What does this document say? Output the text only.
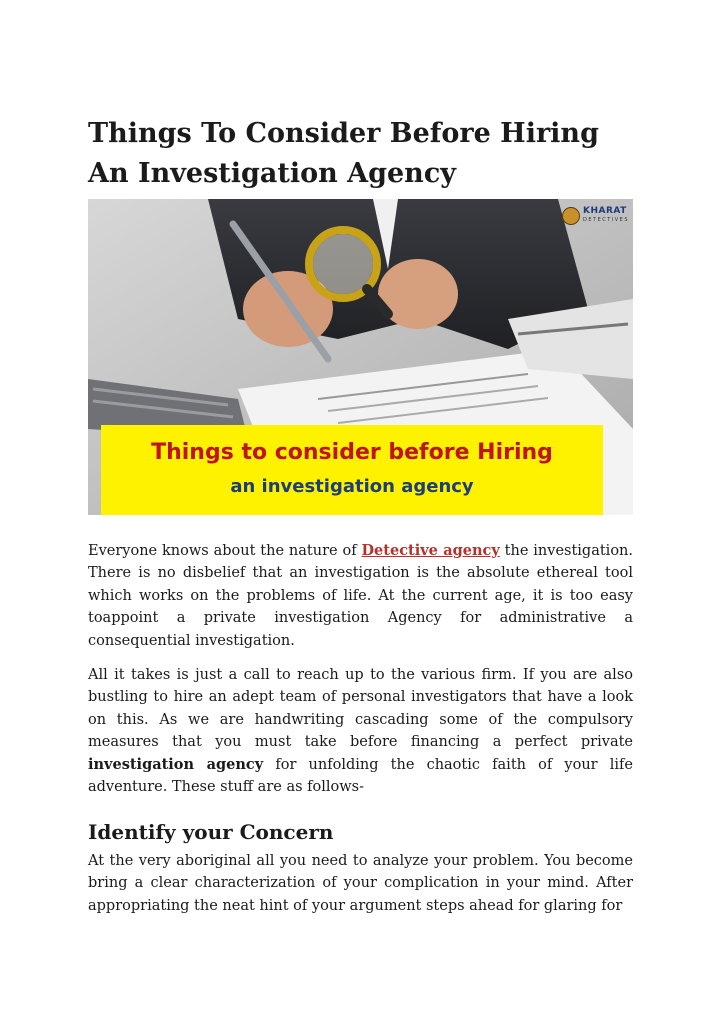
Things To Consider Before Hiring An Investigation Agency
KHARAT
DETECTIVES
Things to consider before Hiring
an investigation agency

Everyone knows about the nature of Detective agency the investigation. There is no disbelief that an investigation is the absolute ethereal tool which works on the problems of life. At the current age, it is too easy toappoint a private investigation Agency for administrative a consequential investigation.

All it takes is just a call to reach up to the various firm. If you are also bustling to hire an adept team of personal investigators that have a look on this. As we are handwriting cascading some of the compulsory measures that you must take before financing a perfect private investigation agency for unfolding the chaotic faith of your life adventure. These stuff are as follows-

Identify your Concern

At the very aboriginal all you need to analyze your problem. You become bring a clear characterization of your complication in your mind. After appropriating the neat hint of your argument steps ahead for glaring for
